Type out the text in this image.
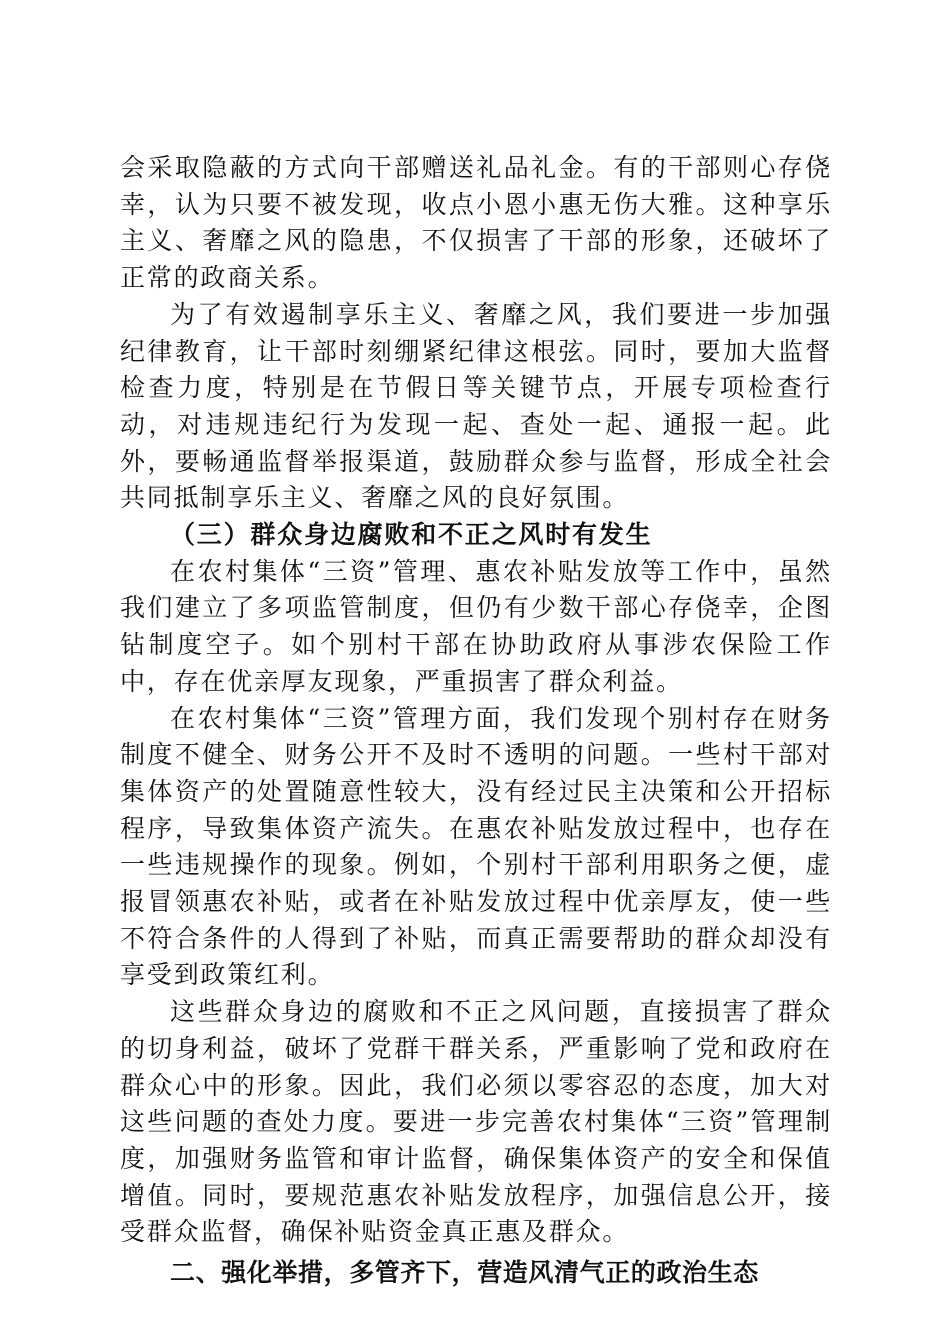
会采取隐蔽的方式向干部赠送礼品礼金。有的干部则心存侥幸，认为只要不被发现，收点小恩小惠无伤大雅。这种享乐主义、奢靡之风的隐患，不仅损害了干部的形象，还破坏了正常的政商关系。

为了有效遏制享乐主义、奢靡之风，我们要进一步加强纪律教育，让干部时刻绷紧纪律这根弦。同时，要加大监督检查力度，特别是在节假日等关键节点，开展专项检查行动，对违规违纪行为发现一起、查处一起、通报一起。此外，要畅通监督举报渠道，鼓励群众参与监督，形成全社会共同抵制享乐主义、奢靡之风的良好氛围。

（三）群众身边腐败和不正之风时有发生

在农村集体“三资”管理、惠农补贴发放等工作中，虽然我们建立了多项监管制度，但仍有少数干部心存侥幸，企图钻制度空子。如个别村干部在协助政府从事涉农保险工作中，存在优亲厚友现象，严重损害了群众利益。

在农村集体“三资”管理方面，我们发现个别村存在财务制度不健全、财务公开不及时不透明的问题。一些村干部对集体资产的处置随意性较大，没有经过民主决策和公开招标程序，导致集体资产流失。在惠农补贴发放过程中，也存在一些违规操作的现象。例如，个别村干部利用职务之便，虚报冒领惠农补贴，或者在补贴发放过程中优亲厚友，使一些不符合条件的人得到了补贴，而真正需要帮助的群众却没有享受到政策红利。

这些群众身边的腐败和不正之风问题，直接损害了群众的切身利益，破坏了党群干群关系，严重影响了党和政府在群众心中的形象。因此，我们必须以零容忍的态度，加大对这些问题的查处力度。要进一步完善农村集体“三资”管理制度，加强财务监管和审计监督，确保集体资产的安全和保值增值。同时，要规范惠农补贴发放程序，加强信息公开，接受群众监督，确保补贴资金真正惠及群众。

二、强化举措，多管齐下，营造风清气正的政治生态
